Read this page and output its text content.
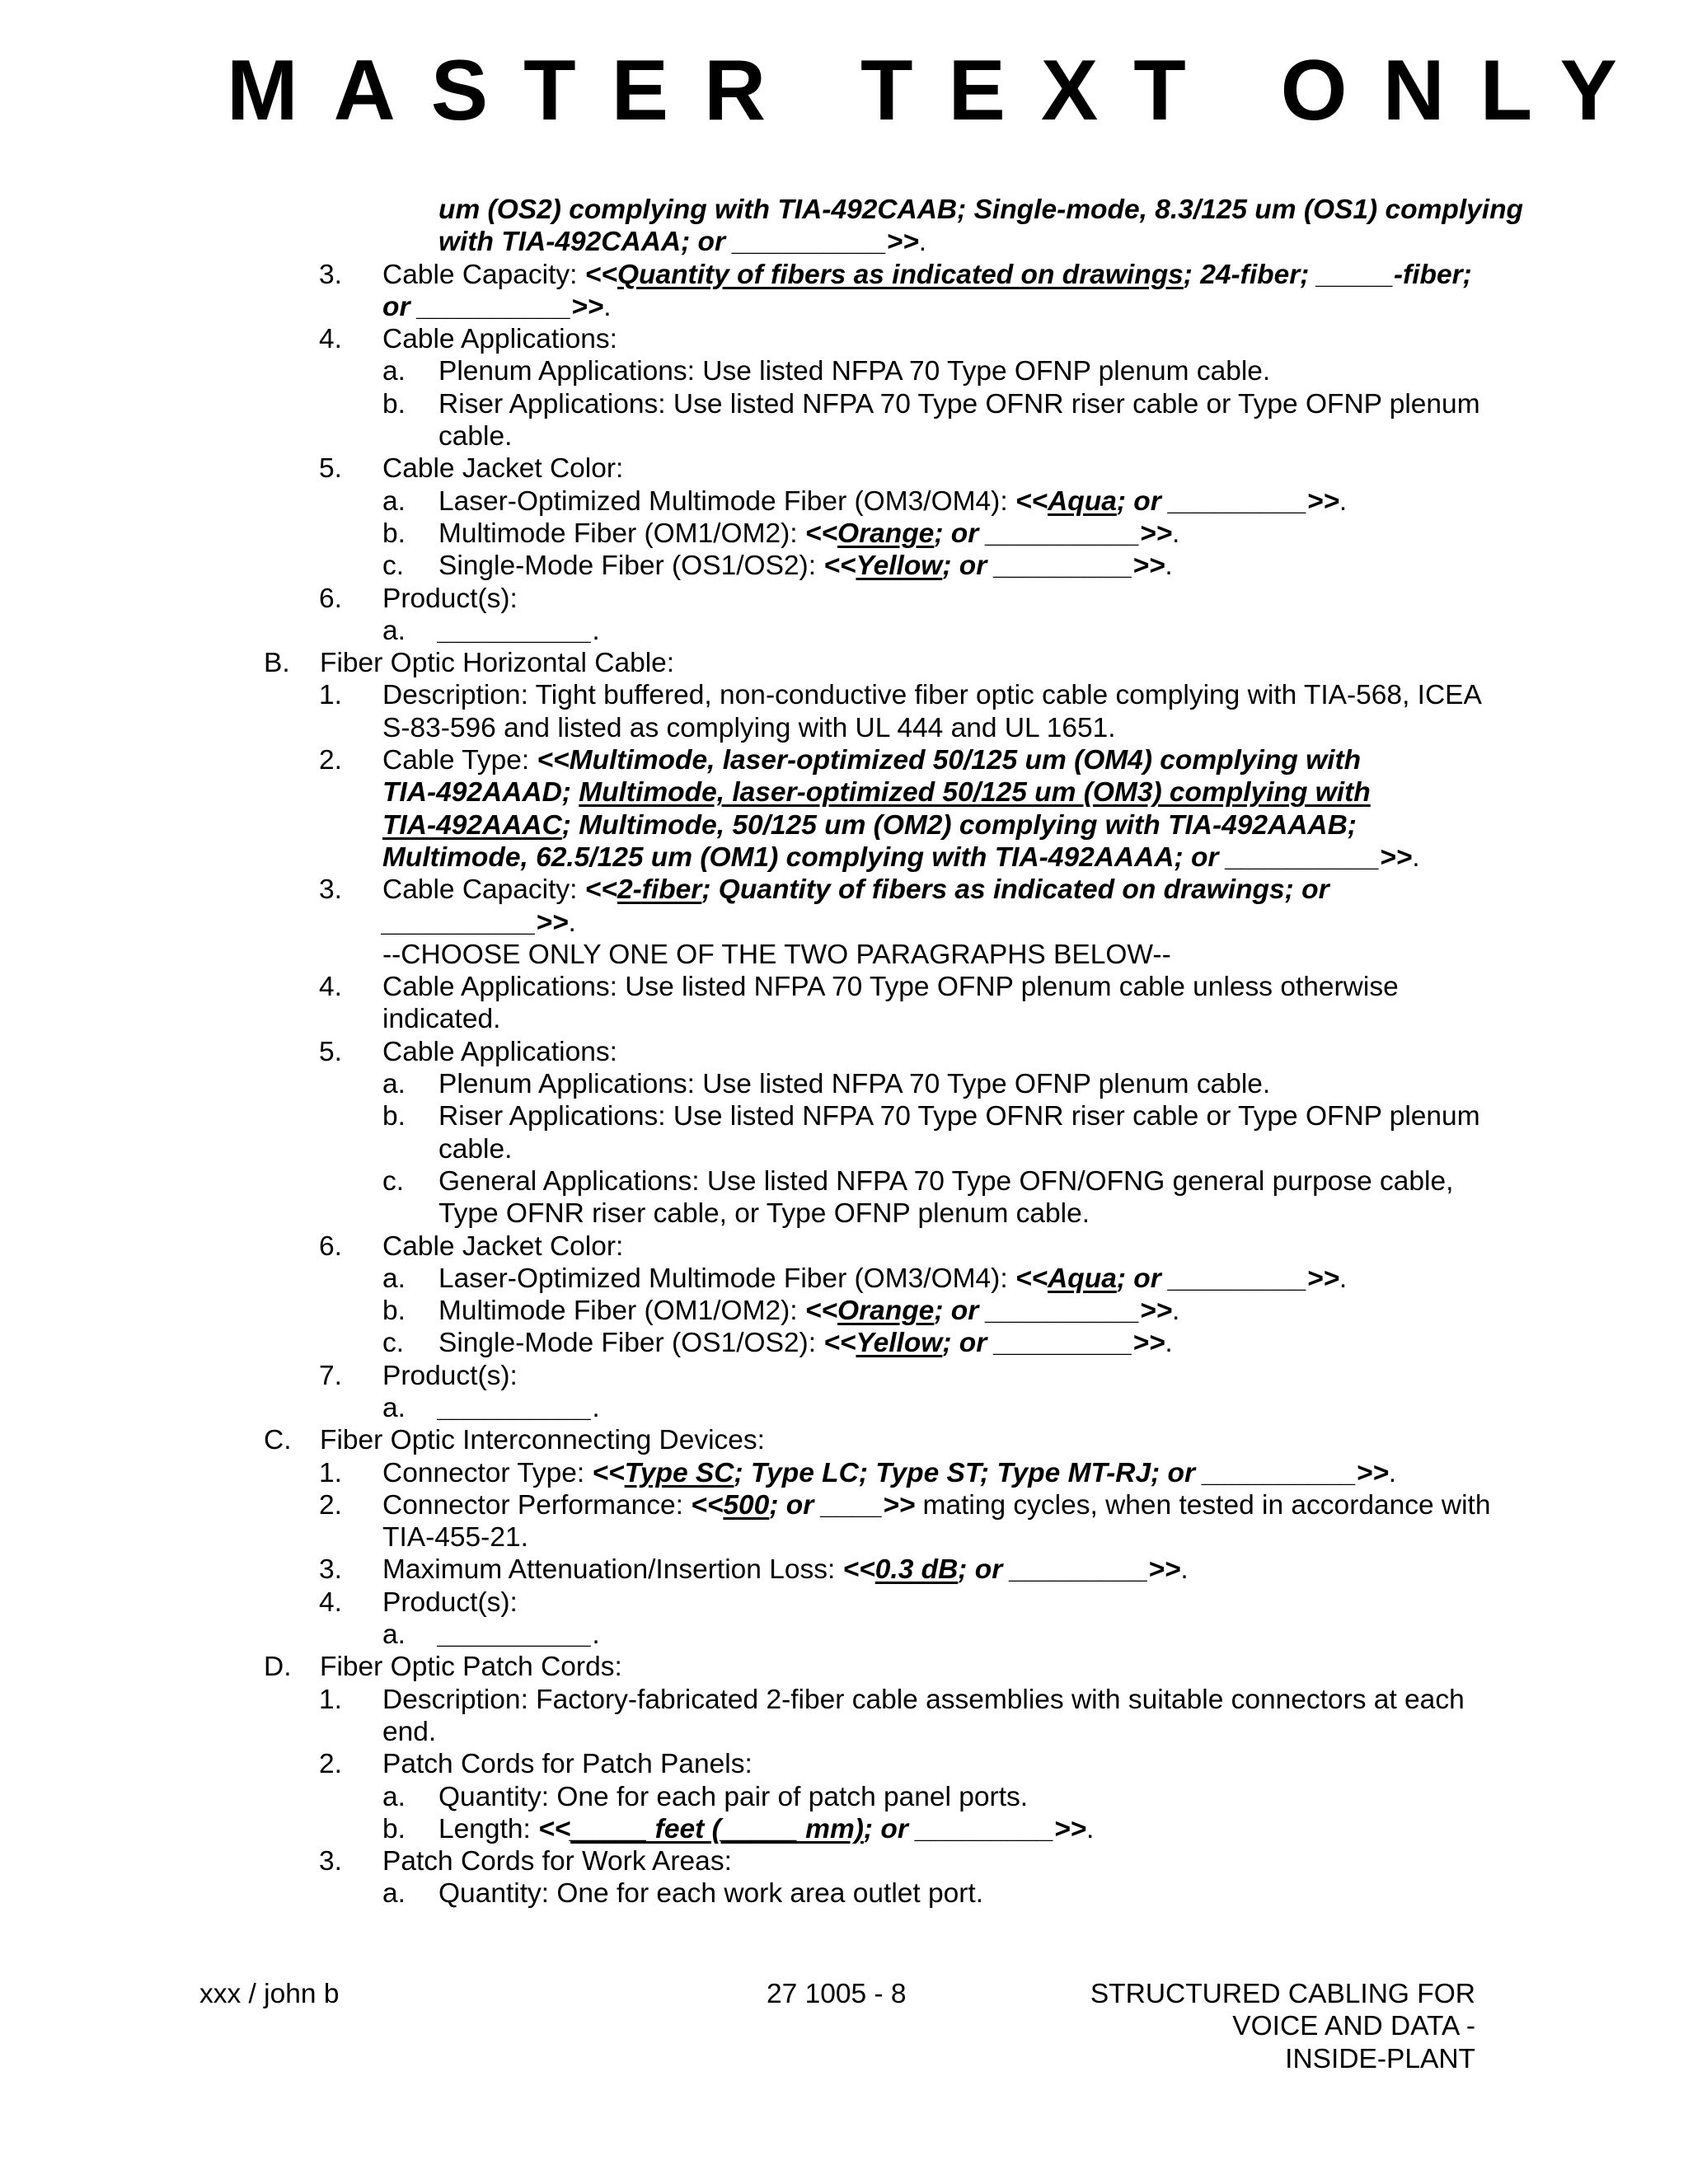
MASTER TEXT ONLY
um (OS2) complying with TIA-492CAAB; Single-mode, 8.3/125 um (OS1) complying
with TIA-492CAAA; or __________>>.
3. Cable Capacity: <<Quantity of fibers as indicated on drawings; 24-fiber; _____-fiber;
or __________>>.
4. Cable Applications:
a. Plenum Applications: Use listed NFPA 70 Type OFNP plenum cable.
b. Riser Applications: Use listed NFPA 70 Type OFNR riser cable or Type OFNP plenum
cable.
5. Cable Jacket Color:
a. Laser-Optimized Multimode Fiber (OM3/OM4): <<Aqua; or _________>>.
b. Multimode Fiber (OM1/OM2): <<Orange; or __________>>.
c. Single-Mode Fiber (OS1/OS2): <<Yellow; or _________>>.
6. Product(s):
a. __________.
B. Fiber Optic Horizontal Cable:
1. Description: Tight buffered, non-conductive fiber optic cable complying with TIA-568, ICEA
S-83-596 and listed as complying with UL 444 and UL 1651.
2. Cable Type: <<Multimode, laser-optimized 50/125 um (OM4) complying with
TIA-492AAAD; Multimode, laser-optimized 50/125 um (OM3) complying with
TIA-492AAAC; Multimode, 50/125 um (OM2) complying with TIA-492AAAB;
Multimode, 62.5/125 um (OM1) complying with TIA-492AAAA; or __________>>.
3. Cable Capacity: <<2-fiber; Quantity of fibers as indicated on drawings; or
__________>>.
--CHOOSE ONLY ONE OF THE TWO PARAGRAPHS BELOW--
4. Cable Applications: Use listed NFPA 70 Type OFNP plenum cable unless otherwise
indicated.
5. Cable Applications:
a. Plenum Applications: Use listed NFPA 70 Type OFNP plenum cable.
b. Riser Applications: Use listed NFPA 70 Type OFNR riser cable or Type OFNP plenum
cable.
c. General Applications: Use listed NFPA 70 Type OFN/OFNG general purpose cable,
Type OFNR riser cable, or Type OFNP plenum cable.
6. Cable Jacket Color:
a. Laser-Optimized Multimode Fiber (OM3/OM4): <<Aqua; or _________>>.
b. Multimode Fiber (OM1/OM2): <<Orange; or __________>>.
c. Single-Mode Fiber (OS1/OS2): <<Yellow; or _________>>.
7. Product(s):
a. __________.
C. Fiber Optic Interconnecting Devices:
1. Connector Type: <<Type SC; Type LC; Type ST; Type MT-RJ; or __________>>.
2. Connector Performance: <<500; or ____>> mating cycles, when tested in accordance with
TIA-455-21.
3. Maximum Attenuation/Insertion Loss: <<0.3 dB; or _________>>.
4. Product(s):
a. __________.
D. Fiber Optic Patch Cords:
1. Description: Factory-fabricated 2-fiber cable assemblies with suitable connectors at each
end.
2. Patch Cords for Patch Panels:
a. Quantity: One for each pair of patch panel ports.
b. Length: <<_____ feet (_____ mm); or _________>>.
3. Patch Cords for Work Areas:
a. Quantity: One for each work area outlet port.
xxx / john b	27 1005 - 8	STRUCTURED CABLING FOR
VOICE AND DATA -
INSIDE-PLANT
